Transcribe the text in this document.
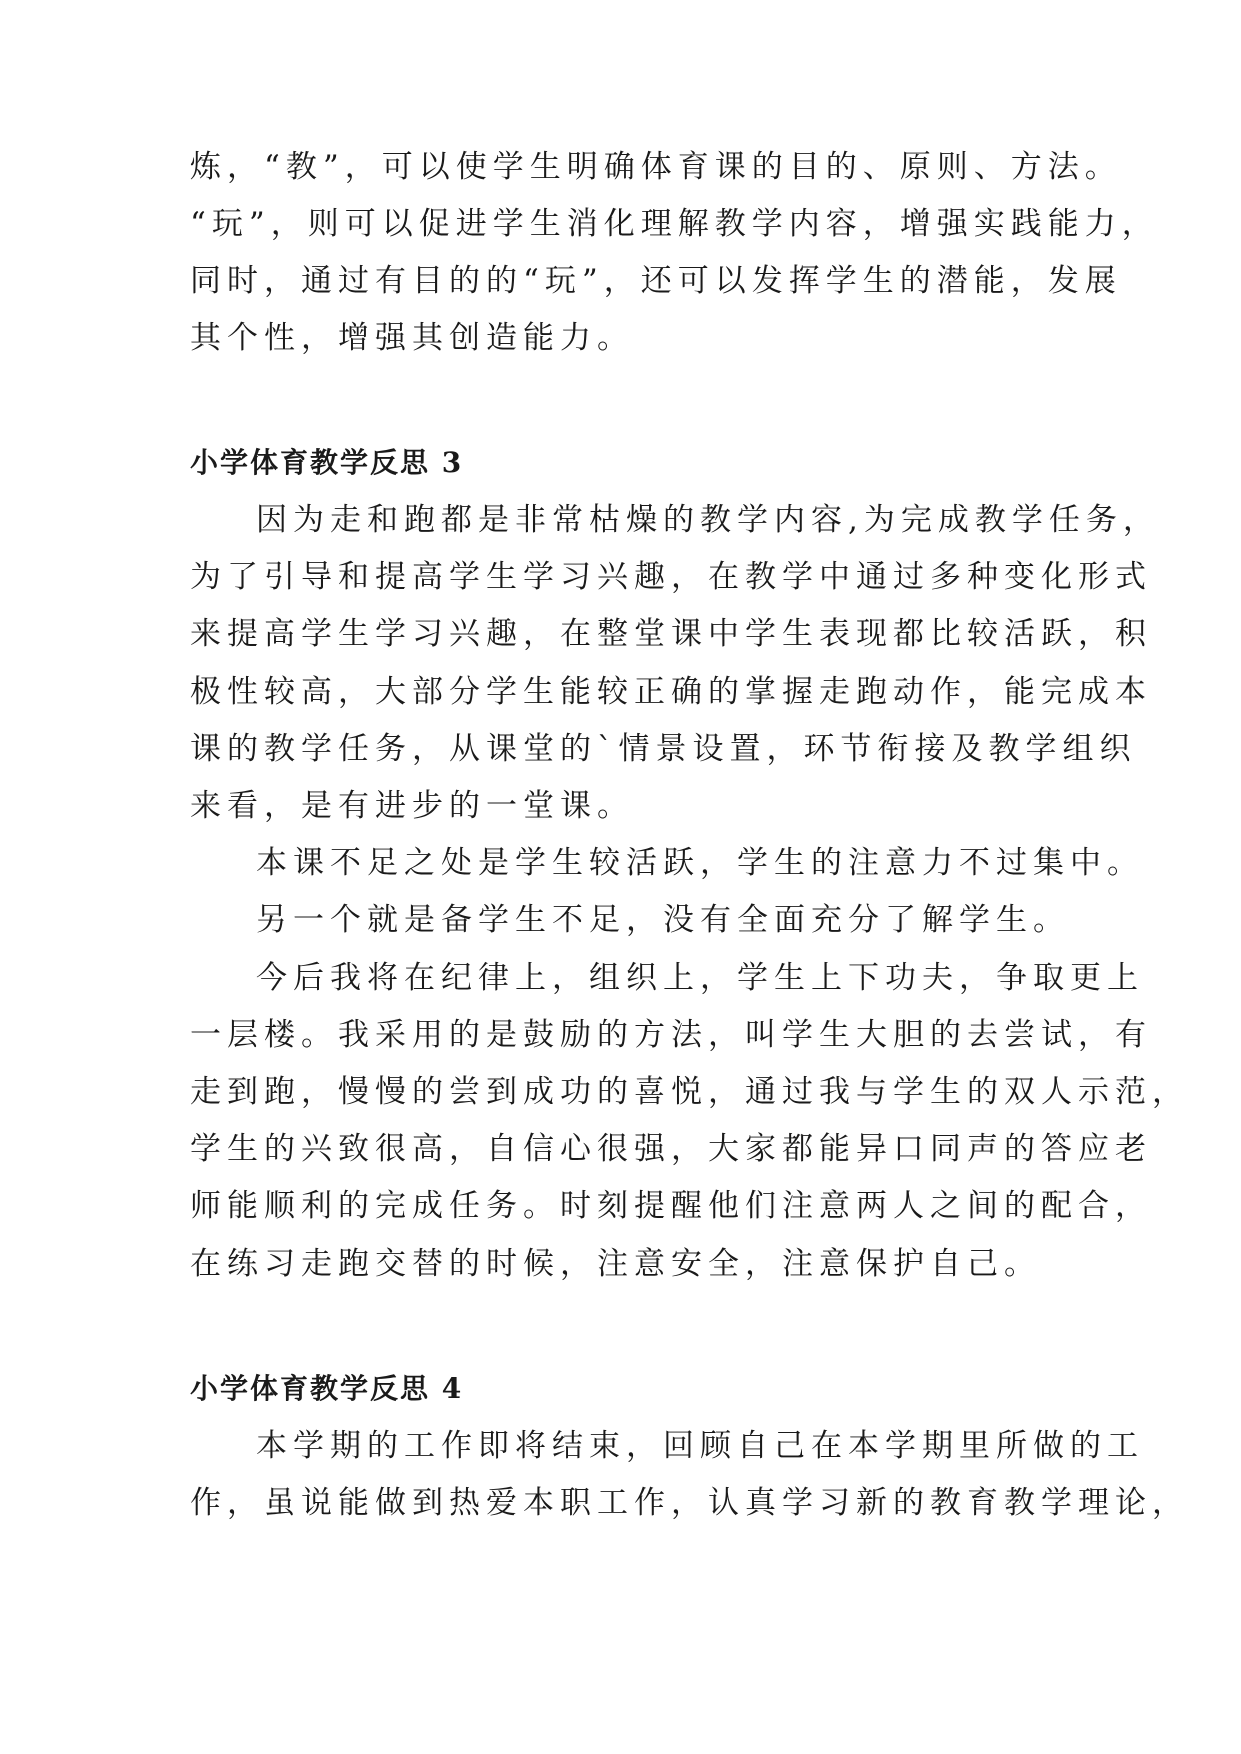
炼，“教”，可以使学生明确体育课的目的、原则、方法。

“玩”，则可以促进学生消化理解教学内容，增强实践能力，

同时，通过有目的的“玩”，还可以发挥学生的潜能，发展

其个性，增强其创造能力。

小学体育教学反思 3

因为走和跑都是非常枯燥的教学内容,为完成教学任务，

为了引导和提高学生学习兴趣，在教学中通过多种变化形式

来提高学生学习兴趣，在整堂课中学生表现都比较活跃，积

极性较高，大部分学生能较正确的掌握走跑动作，能完成本

课的教学任务，从课堂的`情景设置，环节衔接及教学组织

来看，是有进步的一堂课。

本课不足之处是学生较活跃，学生的注意力不过集中。

另一个就是备学生不足，没有全面充分了解学生。

今后我将在纪律上，组织上，学生上下功夫，争取更上

一层楼。我采用的是鼓励的方法，叫学生大胆的去尝试，有

走到跑，慢慢的尝到成功的喜悦，通过我与学生的双人示范，

学生的兴致很高，自信心很强，大家都能异口同声的答应老

师能顺利的完成任务。时刻提醒他们注意两人之间的配合，

在练习走跑交替的时候，注意安全，注意保护自己。

小学体育教学反思 4

本学期的工作即将结束，回顾自己在本学期里所做的工

作，虽说能做到热爱本职工作，认真学习新的教育教学理论，
